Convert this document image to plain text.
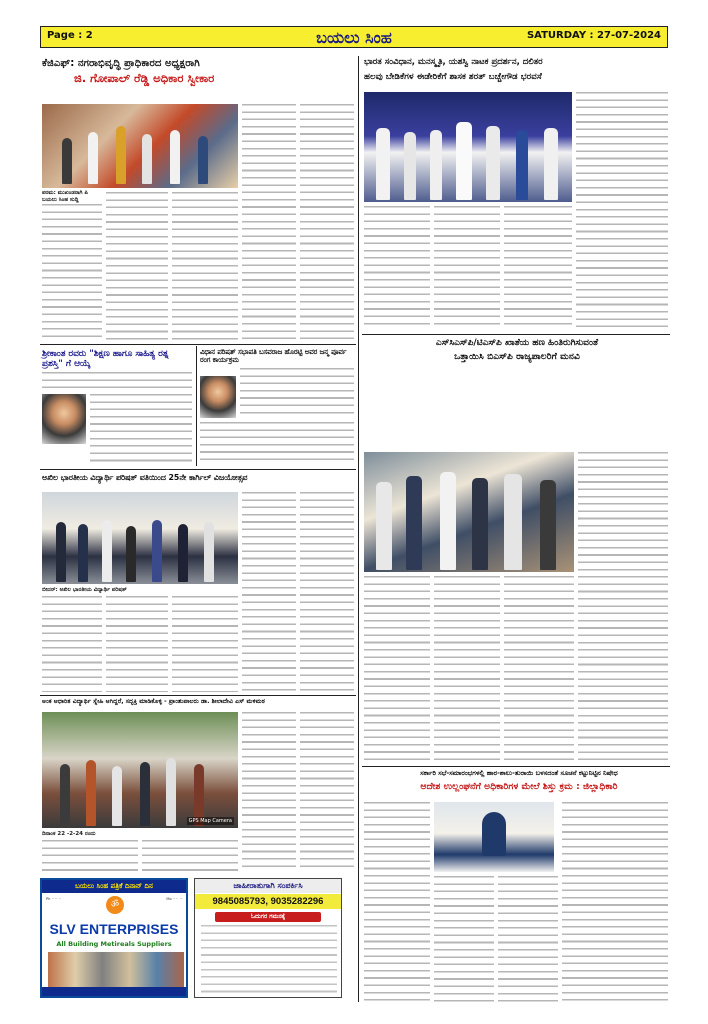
Page : 2	ಬಯಲು ಸಿಂಹ	SATURDAY : 27-07-2024
ಕೆಜಿಎಫ್: ನಗರಾಭಿವೃದ್ಧಿ ಪ್ರಾಧಿಕಾರದ ಅಧ್ಯಕ್ಷರಾಗಿ
ಜಿ. ಗೋಪಾಲ್ ರೆಡ್ಡಿ ಅಧಿಕಾರ ಸ್ವೀಕಾರ
ಪರಮ: ಮುಖಂಡರಾಗಿ ಪಿ ಬಯಲು ಸಿಂಹ ಸುದ್ದಿ
ಶ್ರೀಕಾಂತ ರವರು "ಶಿಕ್ಷಣ ಹಾಗೂ ಸಾಹಿತ್ಯ ರತ್ನ ಪ್ರಶಸ್ತಿ" ಗೆ ಆಯ್ಕೆ
ವಿಧಾನ ಪರಿಷತ್ ಸಭಾಪತಿ ಬಸವರಾಜ ಹೊರಟ್ಟಿ ಅವರ ಜನ್ಮ ಪೂರ್ವ ರಂಗ ಕಾರ್ಯಕ್ರಮ
ಅಖಿಲ ಭಾರತೀಯ ವಿದ್ಯಾರ್ಥಿ ಪರಿಷತ್ ವತಿಯಿಂದ 25ನೇ ಕಾರ್ಗಿಲ್ ವಿಜಯೋತ್ಸವ
ಬೀದರ್: ಅಖಿಲ ಭಾರತೀಯ ವಿದ್ಯಾರ್ಥಿ ಪರಿಷತ್
ಅಂಕ ಆಧಾರಿತ ವಿದ್ಯಾರ್ಥಿ ಸ್ನೇಹಿ ಆಗಿದ್ದರೆ, ಸದ್ಭಕ್ತಿ ಮಾಡಿಕೊಳ್ಳಿ - ಪ್ರಾಂಶುಪಾಲರು ಡಾ. ಶೀಲಾದೇವಿ ಎಸ್ ಮಳಿಮಠ
GPS Map Camera
ದಿನಾಂಕ 22 -2-24 ರಂದು
ಬಯಲು ಸಿಂಹ ಪತ್ರಿಕೆ ದಿನಾನ್ ದಿನ
Ph ·· ·· ··
ॐ
Mo ·· ·· ··
SLV ENTERPRISES
All Building Metireals Suppliers
ಜಾಹೀರಾತುಗಾಗಿ ಸಂಪರ್ಕಿಸಿ
9845085793, 9035282296
ಓದುಗರ ಗಮನಕ್ಕೆ
ಭಾರತ ಸಂವಿಧಾನ, ಮನಸ್ಮೃತಿ, ಯಶಸ್ವಿ ನಾಟಕ ಪ್ರದರ್ಶನ, ದಲಿತರ
ಹಲವು ಬೇಡಿಕೆಗಳ ಈಡೇರಿಕೆಗೆ ಶಾಸಕ ಶರತ್ ಬಚ್ಚೇಗೌಡ ಭರವಸೆ
ಎಸ್‌ಸಿಎಸ್‌ಪಿ/ಟಿಎಸ್‌ಪಿ ಖಾತೆಯ ಹಣ ಹಿಂತಿರುಗಿಸುವಂತೆ
ಒತ್ತಾಯಿಸಿ ಬಿಎಸ್‌ಪಿ ರಾಜ್ಯಪಾಲರಿಗೆ ಮನವಿ
ಸರ್ಕಾರಿ ಸಭೆ-ಸಮಾರಂಭಗಳಲ್ಲಿ ಹಾರ-ಶಾಲು-ತುರಾಯಿ ಬಳಸದಂತೆ ಸೂಚನೆ ಕಟ್ಟುನಿಟ್ಟಿನ ನಿಷೇಧ
ಆದೇಶ ಉಲ್ಲಂಘನೆಗೆ ಅಧಿಕಾರಿಗಳ ಮೇಲೆ ಶಿಸ್ತು ಕ್ರಮ : ಜಿಲ್ಲಾಧಿಕಾರಿ
